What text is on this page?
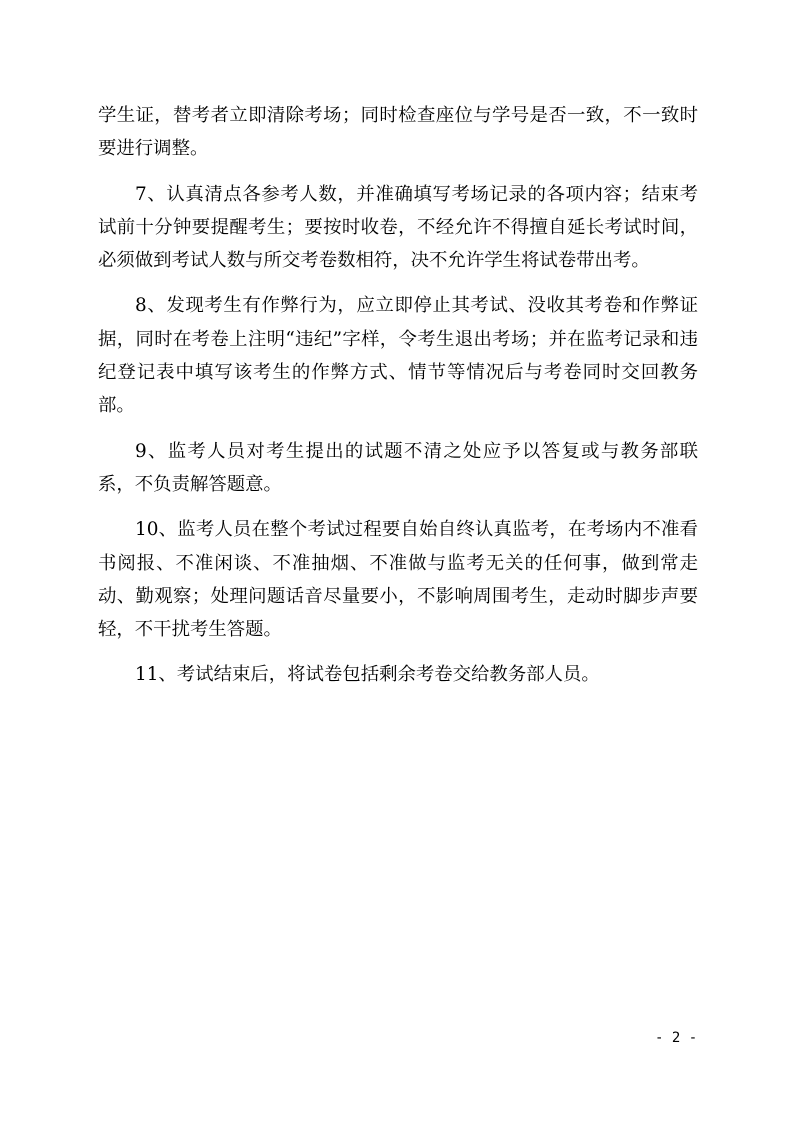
学生证，替考者立即清除考场；同时检查座位与学号是否一致，不一致时要进行调整。

7、认真清点各参考人数，并准确填写考场记录的各项内容；结束考试前十分钟要提醒考生；要按时收卷，不经允许不得擅自延长考试时间，必须做到考试人数与所交考卷数相符，决不允许学生将试卷带出考。

8、发现考生有作弊行为，应立即停止其考试、没收其考卷和作弊证据，同时在考卷上注明“违纪”字样，令考生退出考场；并在监考记录和违纪登记表中填写该考生的作弊方式、情节等情况后与考卷同时交回教务部。

9、监考人员对考生提出的试题不清之处应予以答复或与教务部联系，不负责解答题意。

10、监考人员在整个考试过程要自始自终认真监考，在考场内不准看书阅报、不准闲谈、不准抽烟、不准做与监考无关的任何事，做到常走动、勤观察；处理问题话音尽量要小，不影响周围考生，走动时脚步声要轻，不干扰考生答题。

11、考试结束后，将试卷包括剩余考卷交给教务部人员。

- 2 -
